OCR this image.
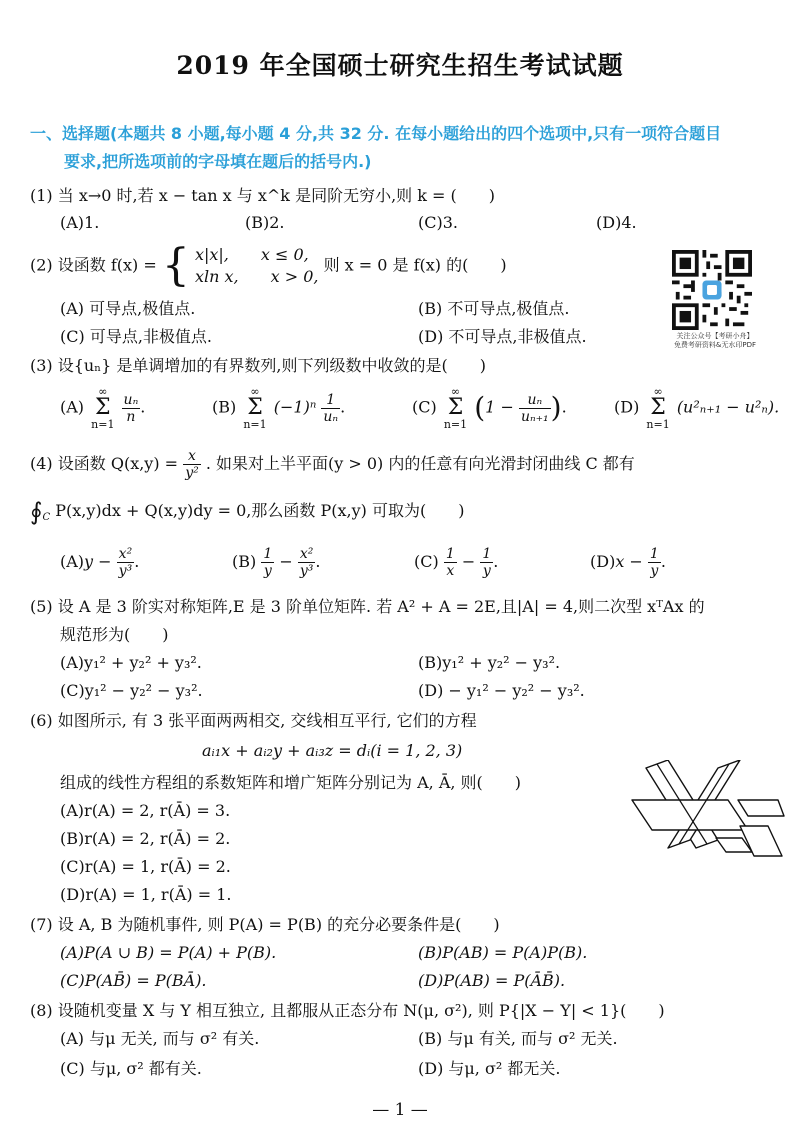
2019 年全国硕士研究生招生考试试题
一、选择题(本题共 8 小题,每小题 4 分,共 32 分. 在每小题给出的四个选项中,只有一项符合题目
要求,把所选项前的字母填在题后的括号内.)
关注公众号【考研小舟】
免费考研资料&无水印PDF
(1) 当 x→0 时,若 x − tan x 与 x^k 是同阶无穷小,则 k = (　　)
(A)1.	(B)2.	(C)3.	(D)4.
(2) 设函数 f(x) = { x|x|,　　x ≤ 0,
xln x,　　x > 0,
则 x = 0 是 f(x) 的(　　)
(A) 可导点,极值点.	(B) 不可导点,极值点.
(C) 可导点,非极值点.	(D) 不可导点,非极值点.
(3) 设{uₙ} 是单调增加的有界数列,则下列级数中收敛的是(　　)
(A) ∞
Σ
$n=1 \frac{\text{uₙ}}{n}$ .	(B) ∞
Σ
n=1 $(-1)^n \frac{1}{\text{uₙ}}$ .	(C) ∞
Σ
n=1 ($1 - \frac{\text{uₙ}}{\text{uₙ₊₁}}$ ).	(D) ∞
Σ
n=1 (u²ₙ₊₁ − u²ₙ).
(4) 设函数 $Q(x,y) = \frac{x}{\text{y²}}$ . 如果对上半平面(y > 0) 内的任意有向光滑封闭曲线 C 都有
$∮_C$ P(x,y)dx + Q(x,y)dy = 0,那么函数 P(x,y) 可取为(　　)
$(A)y - \frac{\text{x²}}{\text{y³}}$ .	$(B) \frac{1}{y} - \frac{\text{x²}}{\text{y³}}$ .	$(C) \frac{1}{x} - \frac{1}{y}$ .	$(D)x - \frac{1}{y}$ .
(5) 设 A 是 3 阶实对称矩阵,E 是 3 阶单位矩阵. 若 A² + A = 2E,且|A| = 4,则二次型 xᵀAx 的
规范形为(　　)
(A)y₁² + y₂² + y₃².	(B)y₁² + y₂² − y₃².
(C)y₁² − y₂² − y₃².	(D) − y₁² − y₂² − y₃².
(6) 如图所示, 有 3 张平面两两相交, 交线相互平行, 它们的方程
aᵢ₁x + aᵢ₂y + aᵢ₃z = dᵢ(i = 1, 2, 3)
组成的线性方程组的系数矩阵和增广矩阵分别记为 A, Ā, 则(　　)
(A)r(A) = 2, r(Ā) = 3.
(B)r(A) = 2, r(Ā) = 2.
(C)r(A) = 1, r(Ā) = 2.
(D)r(A) = 1, r(Ā) = 1.
(7) 设 A, B 为随机事件, 则 P(A) = P(B) 的充分必要条件是(　　)
(A)P(A ∪ B) = P(A) + P(B).	(B)P(AB) = P(A)P(B).
(C)P(AB̄) = P(BĀ).	(D)P(AB) = P(ĀB̄).
(8) 设随机变量 X 与 Y 相互独立, 且都服从正态分布 N(μ, σ²), 则 P{|X − Y| < 1}(　　)
(A) 与μ 无关, 而与 σ² 有关.	(B) 与μ 有关, 而与 σ² 无关.
(C) 与μ, σ² 都有关.	(D) 与μ, σ² 都无关.
— 1 —
